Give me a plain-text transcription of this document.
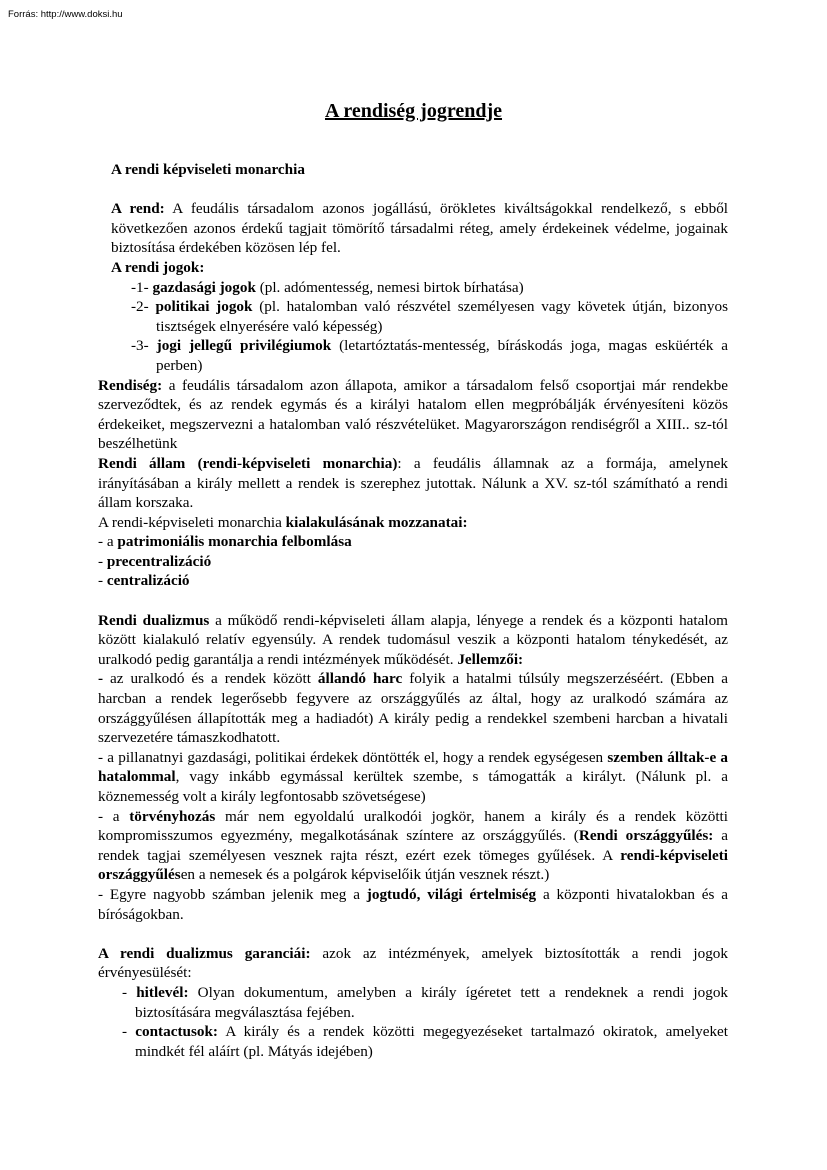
Forrás: http://www.doksi.hu
A rendiség jogrendje

A rendi képviseleti monarchia

A rend: A feudális társadalom azonos jogállású, örökletes kiváltságokkal rendelkező, s ebből következően azonos érdekű tagjait tömörítő társadalmi réteg, amely érdekeinek védelme, jogainak biztosítása érdekében közösen lép fel.

A rendi jogok:

-1- gazdasági jogok (pl. adómentesség, nemesi birtok bírhatása)

-2- politikai jogok (pl. hatalomban való részvétel személyesen vagy követek útján, bizonyos tisztségek elnyerésére való képesség)

-3- jogi jellegű privilégiumok (letartóztatás-mentesség, bíráskodás joga, magas esküérték a perben)

Rendiség: a feudális társadalom azon állapota, amikor a társadalom felső csoportjai már rendekbe szerveződtek, és az rendek egymás és a királyi hatalom ellen megpróbálják érvényesíteni közös érdekeiket, megszervezni a hatalomban való részvételüket. Magyarországon rendiségről a XIII.. sz-tól beszélhetünk

Rendi állam (rendi-képviseleti monarchia): a feudális államnak az a formája, amelynek irányításában a király mellett a rendek is szerephez jutottak. Nálunk a XV. sz-tól számítható a rendi állam korszaka.

A rendi-képviseleti monarchia kialakulásának mozzanatai:

- a patrimoniális monarchia felbomlása

- precentralizáció

- centralizáció

Rendi dualizmus a működő rendi-képviseleti állam alapja, lényege a rendek és a központi hatalom között kialakuló relatív egyensúly. A rendek tudomásul veszik a központi hatalom ténykedését, az uralkodó pedig garantálja a rendi intézmények működését. Jellemzői:

- az uralkodó és a rendek között állandó harc folyik a hatalmi túlsúly megszerzéséért. (Ebben a harcban a rendek legerősebb fegyvere az országgyűlés az által, hogy az uralkodó számára az országgyűlésen állapították meg a hadiadót) A király pedig a rendekkel szembeni harcban a hivatali szervezetére támaszkodhatott.

- a pillanatnyi gazdasági, politikai érdekek döntötték el, hogy a rendek egységesen szemben álltak-e a hatalommal, vagy inkább egymással kerültek szembe, s támogatták a királyt. (Nálunk pl. a köznemesség volt a király legfontosabb szövetségese)

- a törvényhozás már nem egyoldalú uralkodói jogkör, hanem a király és a rendek közötti kompromisszumos egyezmény, megalkotásának színtere az országgyűlés. (Rendi országgyűlés: a rendek tagjai személyesen vesznek rajta részt, ezért ezek tömeges gyűlések. A rendi-képviseleti országgyűlésen a nemesek és a polgárok képviselőik útján vesznek részt.)

- Egyre nagyobb számban jelenik meg a jogtudó, világi értelmiség a központi hivatalokban és a bíróságokban.

A rendi dualizmus garanciái: azok az intézmények, amelyek biztosították a rendi jogok érvényesülését:

- hitlevél: Olyan dokumentum, amelyben a király ígéretet tett a rendeknek a rendi jogok biztosítására megválasztása fejében.

- contactusok: A király és a rendek közötti megegyezéseket tartalmazó okiratok, amelyeket mindkét fél aláírt (pl. Mátyás idejében)
